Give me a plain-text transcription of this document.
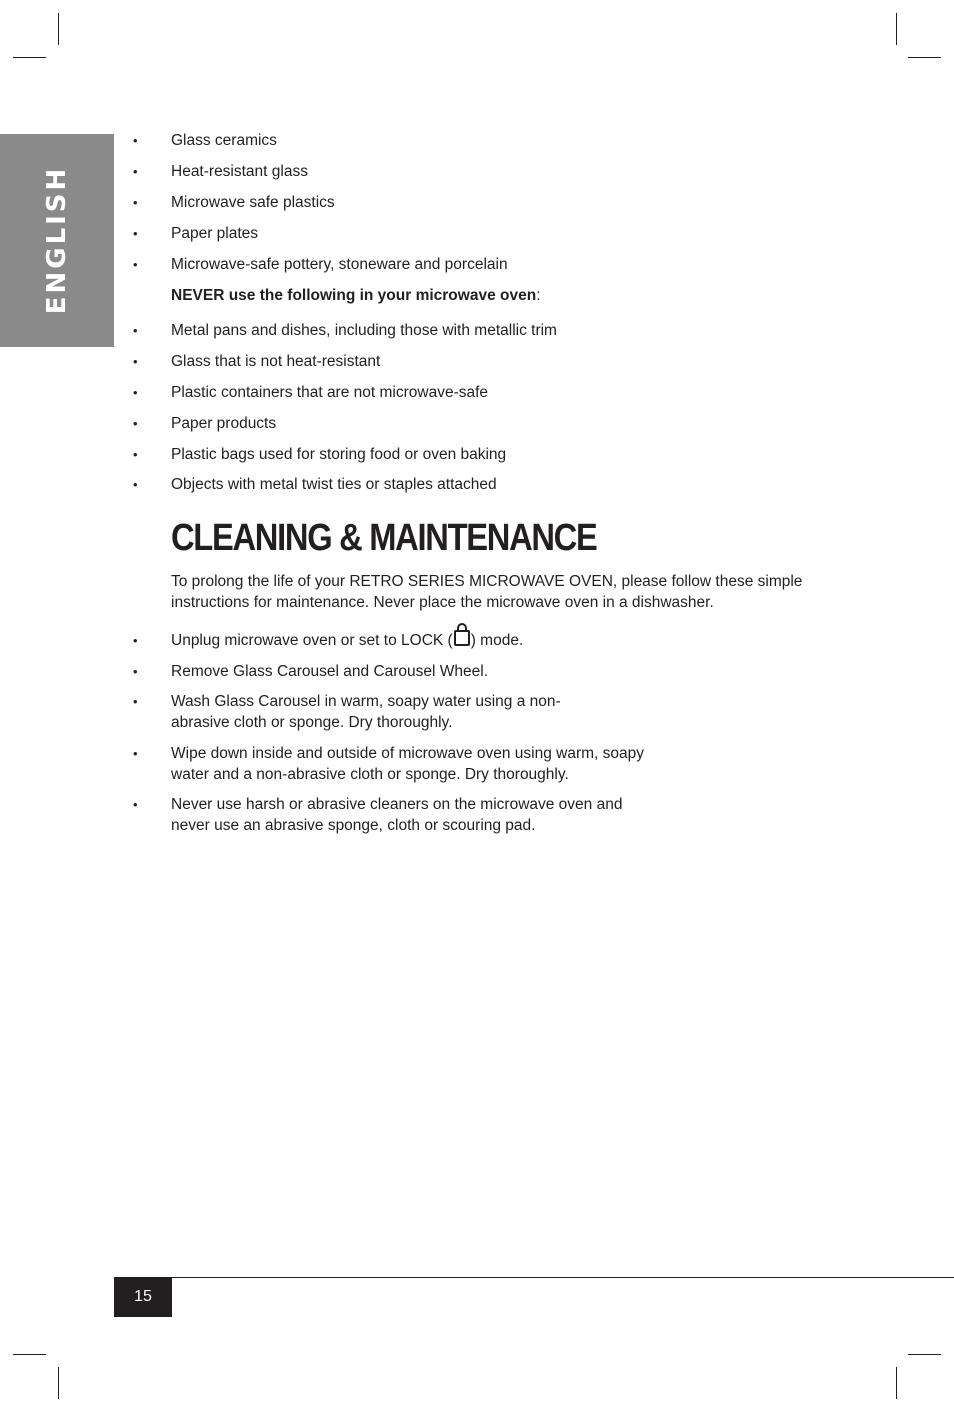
ENGLISH
• Glass ceramics
• Heat-resistant glass
• Microwave safe plastics
• Paper plates
• Microwave-safe pottery, stoneware and porcelain
NEVER use the following in your microwave oven:
• Metal pans and dishes, including those with metallic trim
• Glass that is not heat-resistant
• Plastic containers that are not microwave-safe
• Paper products
• Plastic bags used for storing food or oven baking
• Objects with metal twist ties or staples attached
CLEANING & MAINTENANCE
To prolong the life of your RETRO SERIES MICROWAVE OVEN, please follow these simple
instructions for maintenance. Never place the microwave oven in a dishwasher.
• Unplug microwave oven or set to LOCK ( ) mode.
• Remove Glass Carousel and Carousel Wheel.
• Wash Glass Carousel in warm, soapy water using a non-
abrasive cloth or sponge. Dry thoroughly.
• Wipe down inside and outside of microwave oven using warm, soapy
water and a non-abrasive cloth or sponge. Dry thoroughly.
• Never use harsh or abrasive cleaners on the microwave oven and
never use an abrasive sponge, cloth or scouring pad.
15
